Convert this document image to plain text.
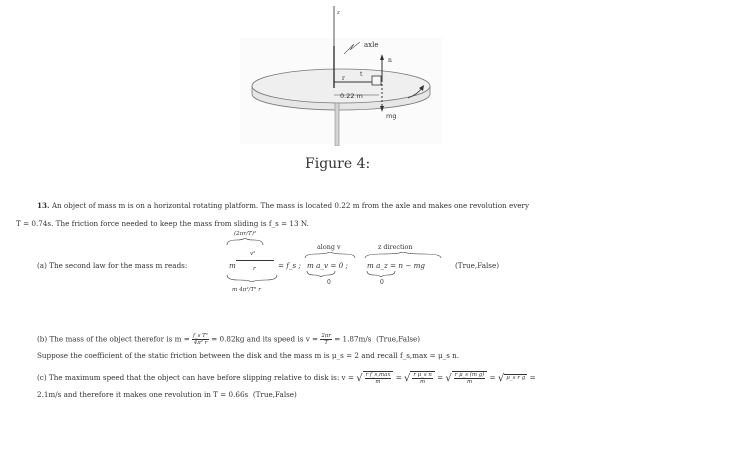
z
axle
n
r
t
0.22 m
mg
Figure 4:
13. An object of mass m is on a horizontal rotating platform. The mass is located 0.22 m from the axle and makes one revolution every
T = 0.74s. The friction force needed to keep the mass from sliding is f_s = 13 N.
(2πr/T)²
(a) The second law for the mass m reads:	m
v²
r
m 4π²/T² r
= f_s ;
along v
m a_v = 0 ;
0
z direction
m a_z = n − mg
0
(True,False)
(b) The mass of the object therefor is $m = \frac{\text{f\_s T²}}{\text{4π² r}} = 0.82kg$ and its speed is $v = \frac{2\pi r}{T} = 1.87m/s$ (True,False)
Suppose the coefficient of the static friction between the disk and the mass m is μ_s = 2 and recall f_s,max = μ_s n.
(c) The maximum speed that the object can have before slipping relative to disk is: v = √ $\frac{\text{r f\_s,max}}{m}$ = √ $\frac{\text{r μ\_s n}}{m}$ = √ $\frac{\text{r μ\_s (m g)}}{m}$ = √ μ_s r g =
2.1m/s and therefore it makes one revolution in T = 0.66s (True,False)
